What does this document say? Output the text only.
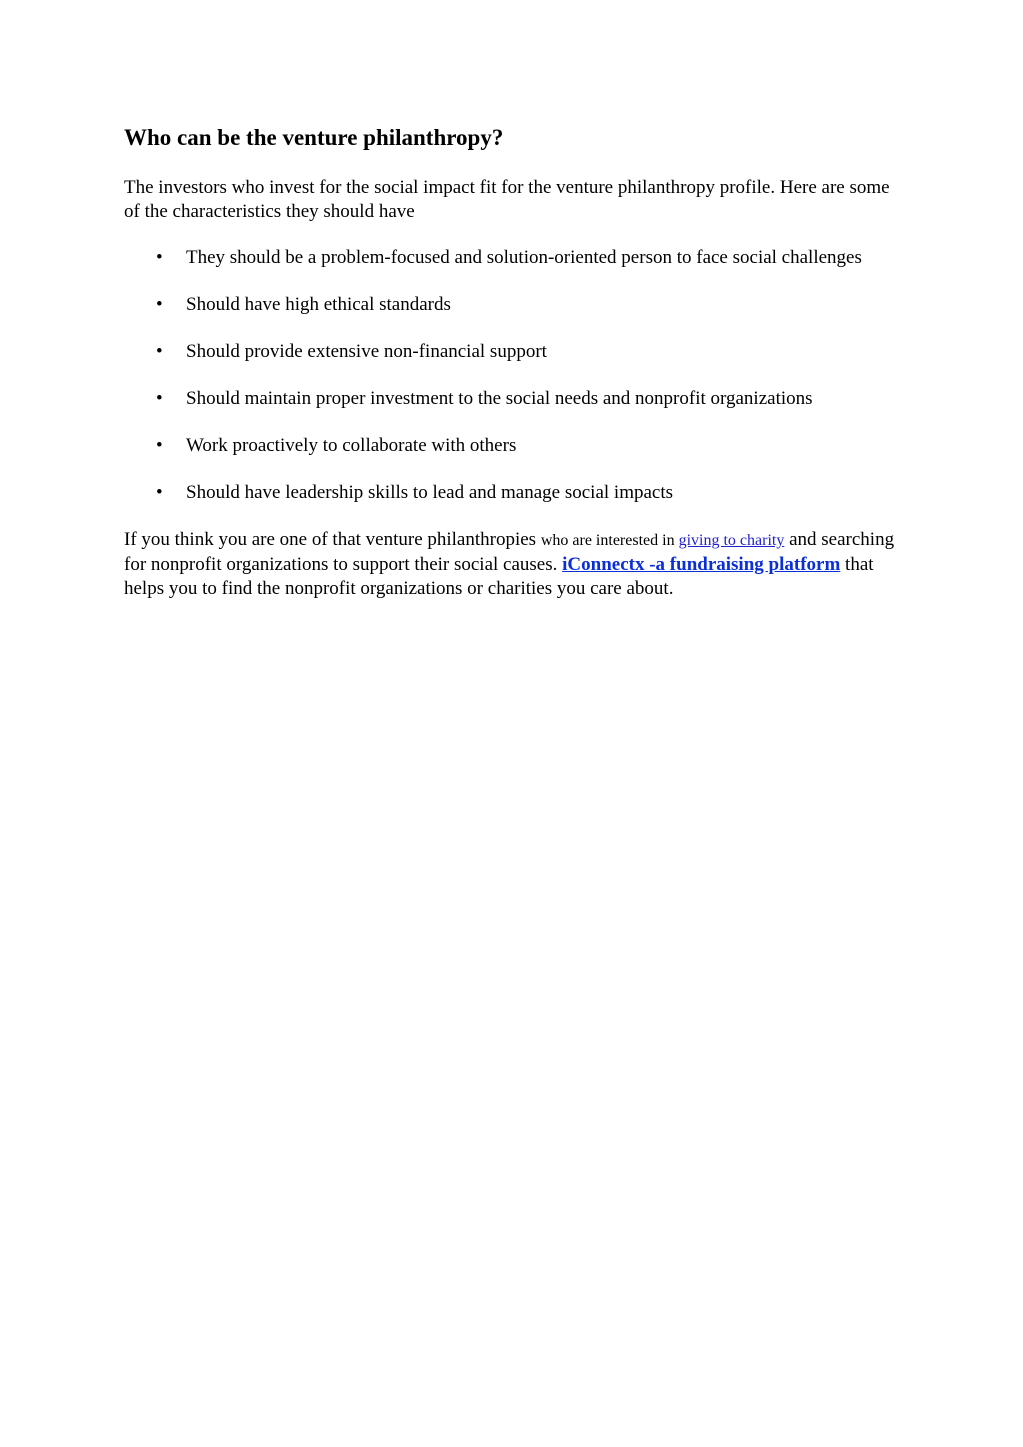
Who can be the venture philanthropy?

The investors who invest for the social impact fit for the venture philanthropy profile. Here are some of the characteristics they should have

• They should be a problem-focused and solution-oriented person to face social challenges
• Should have high ethical standards
• Should provide extensive non-financial support
• Should maintain proper investment to the social needs and nonprofit organizations
• Work proactively to collaborate with others
• Should have leadership skills to lead and manage social impacts

If you think you are one of that venture philanthropies who are interested in giving to charity and searching for nonprofit organizations to support their social causes. iConnectx -a fundraising platform that helps you to find the nonprofit organizations or charities you care about.
